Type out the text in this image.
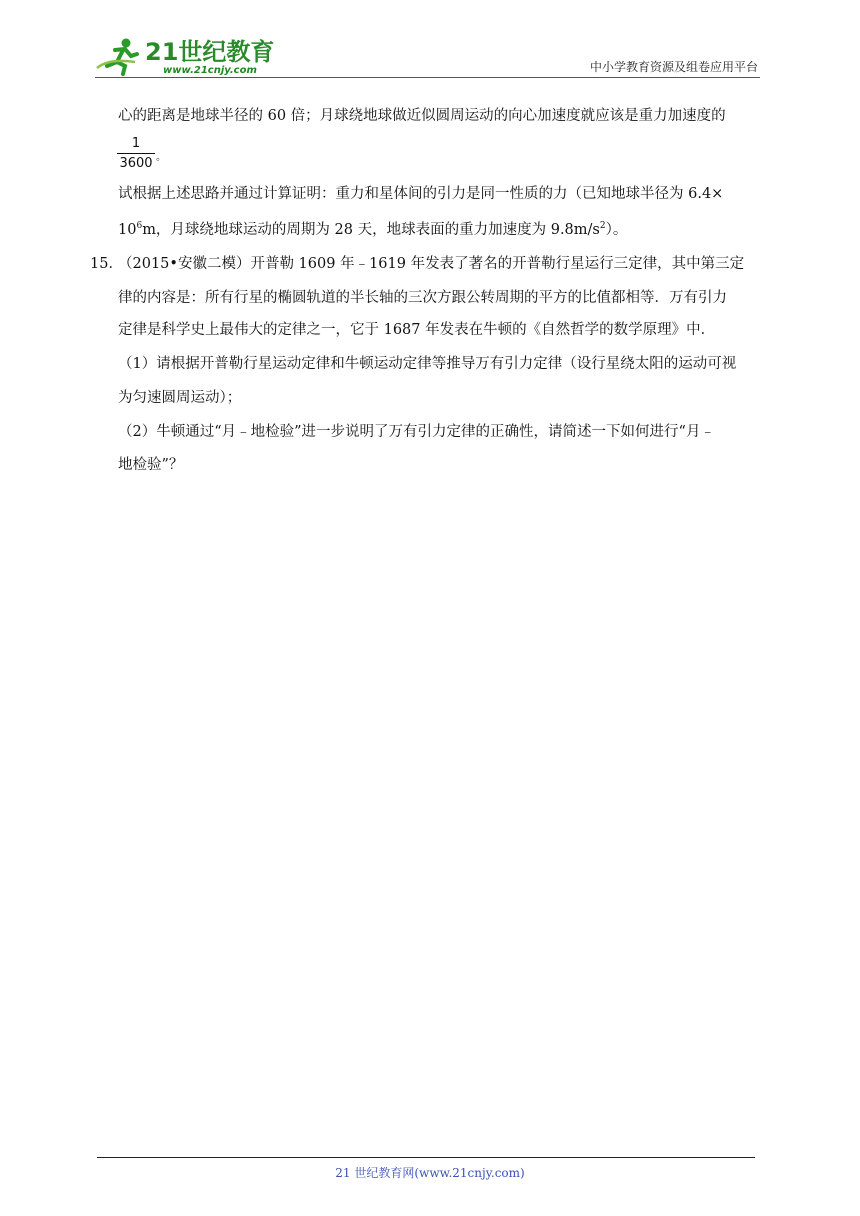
21世纪教育
www.21cnjy.com	中小学教育资源及组卷应用平台
心的距离是地球半径的 60 倍；月球绕地球做近似圆周运动的向心加速度就应该是重力加速度的
1
3600 。
试根据上述思路并通过计算证明：重力和星体间的引力是同一性质的力（已知地球半径为 6.4×
$10^6m$，月球绕地球运动的周期为 28 天，地球表面的重力加速度为 $9.8m/s^2$）。
15．
（2015•安徽二模）开普勒 1609 年﹣1619 年发表了著名的开普勒行星运行三定律，其中第三定
律的内容是：所有行星的椭圆轨道的半长轴的三次方跟公转周期的平方的比值都相等．万有引力
定律是科学史上最伟大的定律之一，它于 1687 年发表在牛顿的《自然哲学的数学原理》中．
（1）请根据开普勒行星运动定律和牛顿运动定律等推导万有引力定律（设行星绕太阳的运动可视
为匀速圆周运动）；
（2）牛顿通过“月﹣地检验”进一步说明了万有引力定律的正确性，请简述一下如何进行“月﹣
地检验”？
21 世纪教育网(www.21cnjy.com)
